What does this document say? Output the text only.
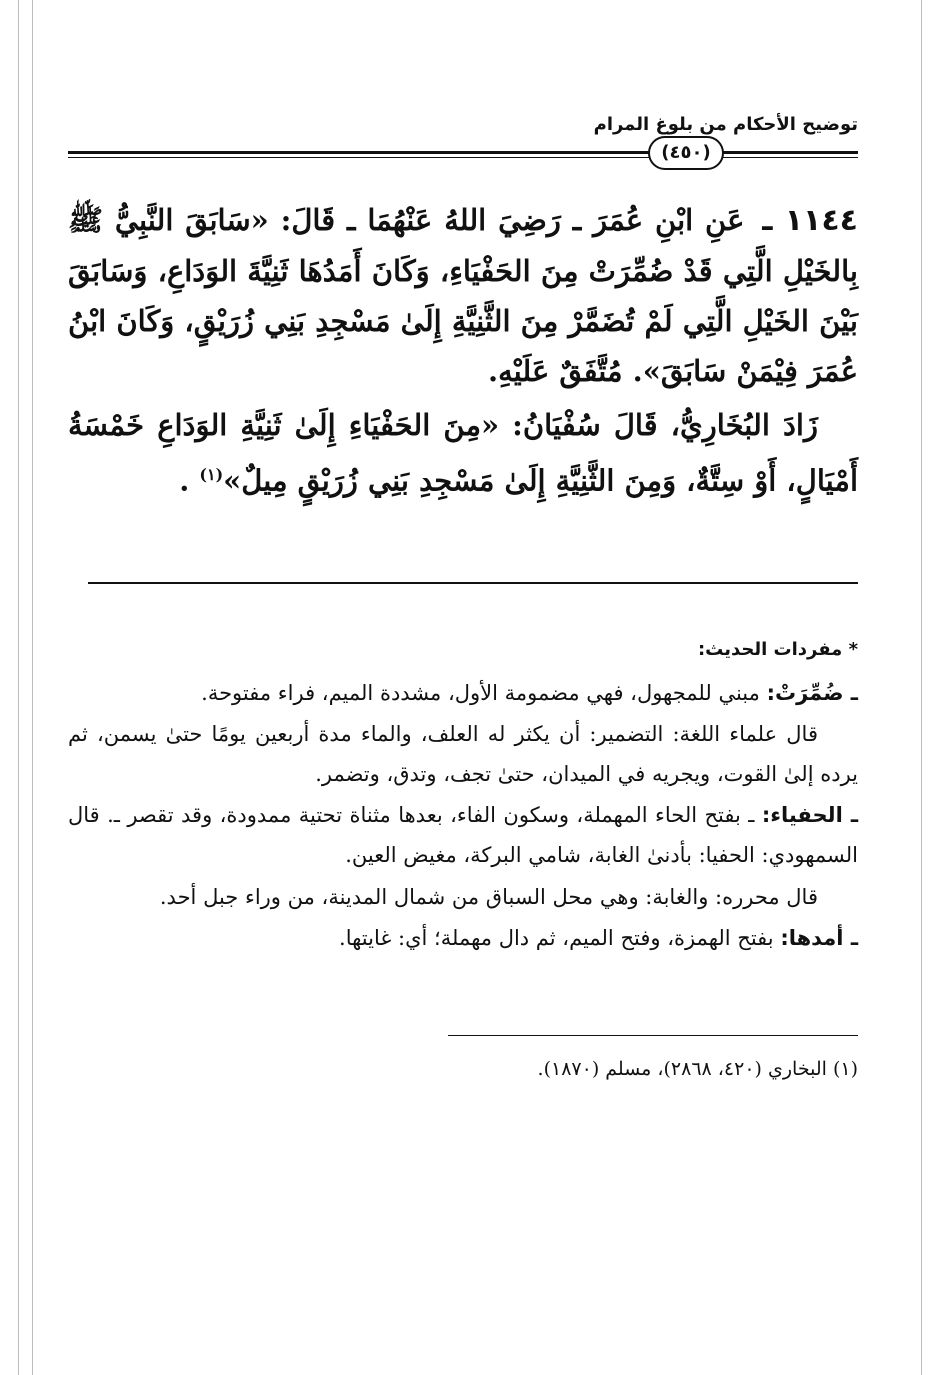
توضيح الأحكام من بلوغ المرام
(٤٥٠)

١١٤٤ ـ عَنِ ابْنِ عُمَرَ ـ رَضِيَ اللهُ عَنْهُمَا ـ قَالَ: «سَابَقَ النَّبِيُّ ﷺ بِالخَيْلِ الَّتِي قَدْ ضُمِّرَتْ مِنَ الحَفْيَاءِ، وَكَانَ أَمَدُهَا ثَنِيَّةَ الوَدَاعِ، وَسَابَقَ بَيْنَ الخَيْلِ الَّتِي لَمْ تُضَمَّرْ مِنَ الثَّنِيَّةِ إِلَىٰ مَسْجِدِ بَنِي زُرَيْقٍ، وَكَانَ ابْنُ عُمَرَ فِيْمَنْ سَابَقَ». مُتَّفَقٌ عَلَيْهِ.

زَادَ البُخَارِيُّ، قَالَ سُفْيَانُ: «مِنَ الحَفْيَاءِ إِلَىٰ ثَنِيَّةِ الوَدَاعِ خَمْسَةُ أَمْيَالٍ، أَوْ سِتَّةٌ، وَمِنَ الثَّنِيَّةِ إِلَىٰ مَسْجِدِ بَنِي زُرَيْقٍ مِيلٌ»$^{(١)}$ .

* مفردات الحديث:

ـ ضُمِّرَتْ: مبني للمجهول، فهي مضمومة الأول، مشددة الميم، فراء مفتوحة.

قال علماء اللغة: التضمير: أن يكثر له العلف، والماء مدة أربعين يومًا حتىٰ يسمن، ثم يرده إلىٰ القوت، ويجريه في الميدان، حتىٰ تجف، وتدق، وتضمر.

ـ الحفياء: ـ بفتح الحاء المهملة، وسكون الفاء، بعدها مثناة تحتية ممدودة، وقد تقصر ـ. قال السمهودي: الحفيا: بأدنىٰ الغابة، شامي البركة، مغيض العين.

قال محرره: والغابة: وهي محل السباق من شمال المدينة، من وراء جبل أحد.

ـ أمدها: بفتح الهمزة، وفتح الميم، ثم دال مهملة؛ أي: غايتها.

(١) البخاري (٤٢٠، ٢٨٦٨)، مسلم (١٨٧٠).
